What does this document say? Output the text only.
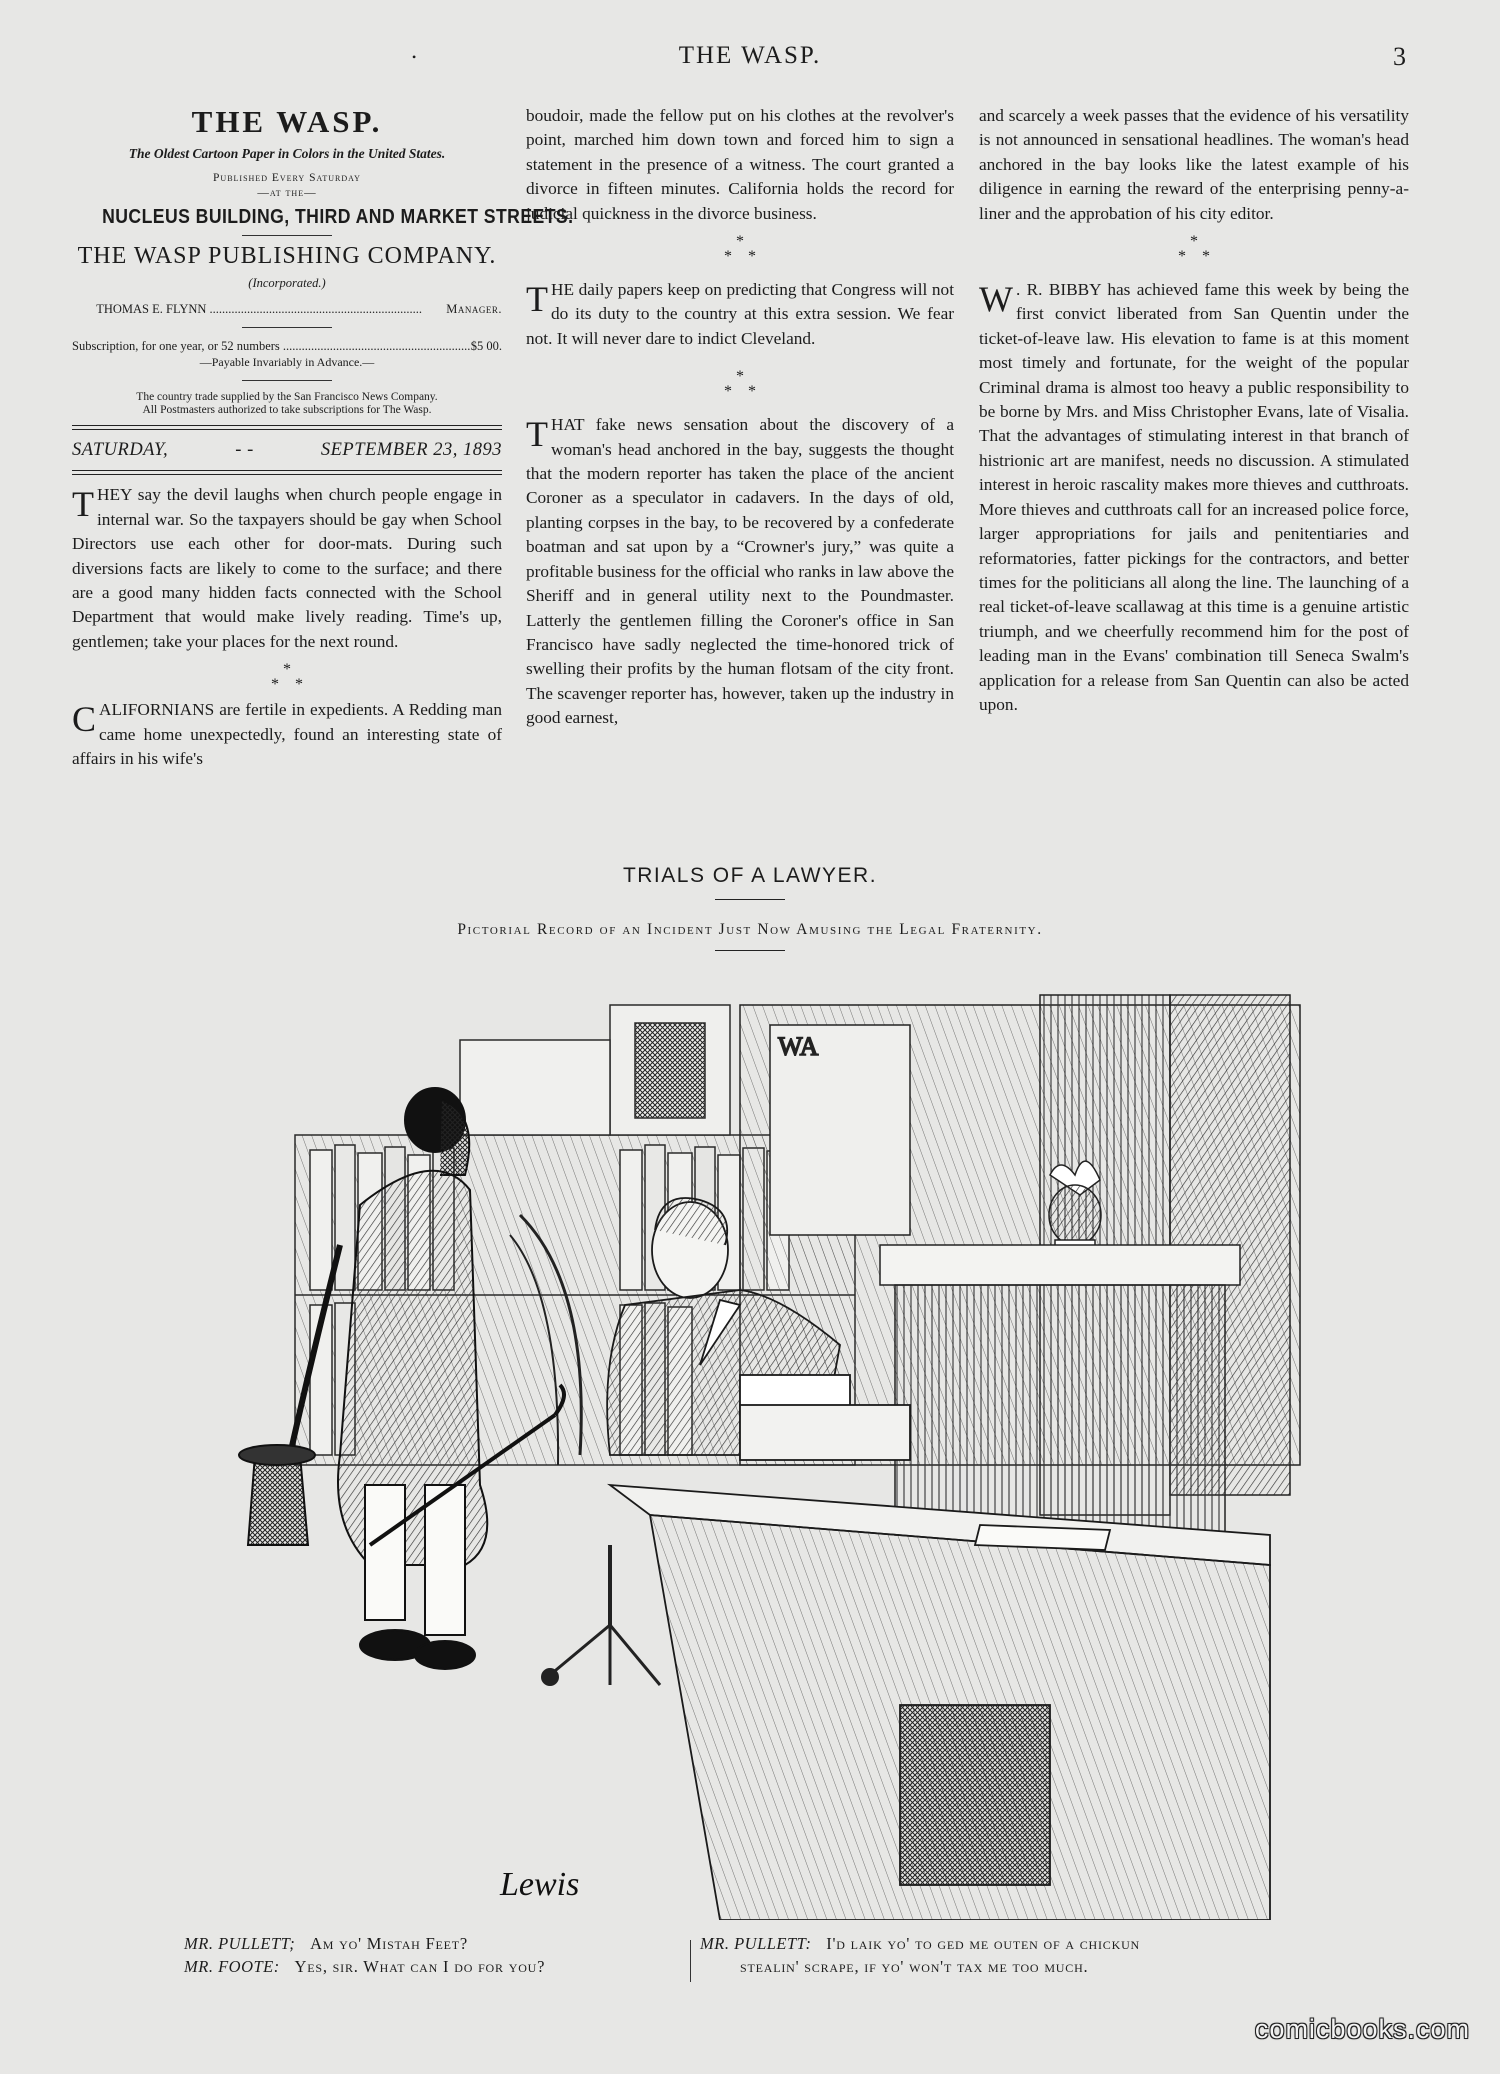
•	THE WASP.	3
THE WASP.
The Oldest Cartoon Paper in Colors in the United States.
Published Every Saturday
—at the—
NUCLEUS BUILDING, THIRD AND MARKET STREETS.
THE WASP PUBLISHING COMPANY.
(Incorporated.)
THOMAS E. FLYNN .....	Manager.
Subscription, for one year, or 52 numbers .....	$5 00.
—Payable Invariably in Advance.—
The country trade supplied by the San Francisco News Company.
All Postmasters authorized to take subscriptions for The Wasp.
SATURDAY,	- -	SEPTEMBER 23, 1893

THEY say the devil laughs when church people engage in internal war. So the taxpayers should be gay when School Directors use each other for door-mats. During such diversions facts are likely to come to the surface; and there are a good many hidden facts connected with the School Department that would make lively reading. Time's up, gentlemen; take your places for the next round.

*
*    *

CALIFORNIANS are fertile in expedients. A Redding man came home unexpectedly, found an interesting state of affairs in his wife's

boudoir, made the fellow put on his clothes at the revolver's point, marched him down town and forced him to sign a statement in the presence of a witness. The court granted a divorce in fifteen minutes. California holds the record for judicial quickness in the divorce business.

*
*    *

THE daily papers keep on predicting that Congress will not do its duty to the country at this extra session. We fear not. It will never dare to indict Cleveland.

*
*    *

THAT fake news sensation about the discovery of a woman's head anchored in the bay, suggests the thought that the modern reporter has taken the place of the ancient Coroner as a speculator in cadavers. In the days of old, planting corpses in the bay, to be recovered by a confederate boatman and sat upon by a “Crowner's jury,” was quite a profitable business for the official who ranks in law above the Sheriff and in general utility next to the Poundmaster. Latterly the gentlemen filling the Coroner's office in San Francisco have sadly neglected the time-honored trick of swelling their profits by the human flotsam of the city front. The scavenger reporter has, however, taken up the industry in good earnest,

and scarcely a week passes that the evidence of his versatility is not announced in sensational headlines. The woman's head anchored in the bay looks like the latest example of his diligence in earning the reward of the enterprising penny-a-liner and the approbation of his city editor.

*
*    *

W . R. BIBBY has achieved fame this week by being the first convict liberated from San Quentin under the ticket-of-leave law. His elevation to fame is at this moment most timely and fortunate, for the weight of the popular Criminal drama is almost too heavy a public responsibility to be borne by Mrs. and Miss Christopher Evans, late of Visalia. That the advantages of stimulating interest in that branch of histrionic art are manifest, needs no discussion. A stimulated interest in heroic rascality makes more thieves and cutthroats. More thieves and cutthroats call for an increased police force, larger appropriations for jails and penitentiaries and reformatories, fatter pickings for the contractors, and better times for the politicians all along the line. The launching of a real ticket-of-leave scallawag at this time is a genuine artistic triumph, and we cheerfully recommend him for the post of leading man in the Evans' combination till Seneca Swalm's application for a release from San Quentin can also be acted upon.

TRIALS OF A LAWYER.
Pictorial Record of an Incident Just Now Amusing the Legal Fraternity.
WA
Lewis
MR. PULLETT; Am yo' Mistah Feet?
MR. FOOTE: Yes, sir. What can I do for you?
MR. PULLETT: I'd laik yo' to ged me outen of a chickun
stealin' scrape, if yo' won't tax me too much.
comicbooks.com
